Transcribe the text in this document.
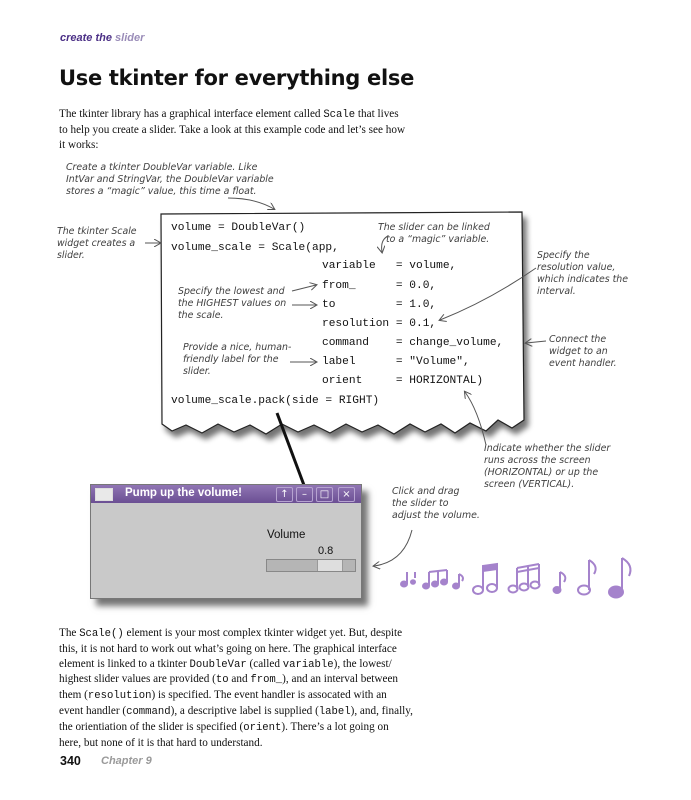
create the slider
Use tkinter for everything else
The tkinter library has a graphical interface element called Scale that lives
to help you create a slider. Take a look at this example code and let’s see how
it works:

volume = DoubleVar()

volume_scale = Scale(app,

variable   = volume,

from_      = 0.0,

to         = 1.0,

resolution = 0.1,

command    = change_volume,

label      = "Volume",

orient     = HORIZONTAL)

volume_scale.pack(side = RIGHT)

Create a tkinter DoubleVar variable. Like
IntVar and StringVar, the DoubleVar variable
stores a “magic” value, this time a float.
The tkinter Scale
widget creates a
slider.
The slider can be linked
to a “magic” variable.
Specify the
resolution value,
which indicates the
interval.
Specify the lowest and
the HIGHEST values on
the scale.
Connect the
widget to an
event handler.
Provide a nice, human-
friendly label for the
slider.
Indicate whether the slider
runs across the screen
(HORIZONTAL) or up the
screen (VERTICAL).
Click and drag
the slider to
adjust the volume.
Pump up the volume!	↑	–	□	×
Volume
0.8
The Scale() element is your most complex tkinter widget yet. But, despite
this, it is not hard to work out what’s going on here. The graphical interface
element is linked to a tkinter DoubleVar (called variable), the lowest/
highest slider values are provided (to and from_), and an interval between
them (resolution) is specified. The event handler is assocated with an
event handler (command), a descriptive label is supplied (label), and, finally,
the orientiation of the slider is specified (orient). There’s a lot going on
here, but none of it is that hard to understand.
340 Chapter 9
